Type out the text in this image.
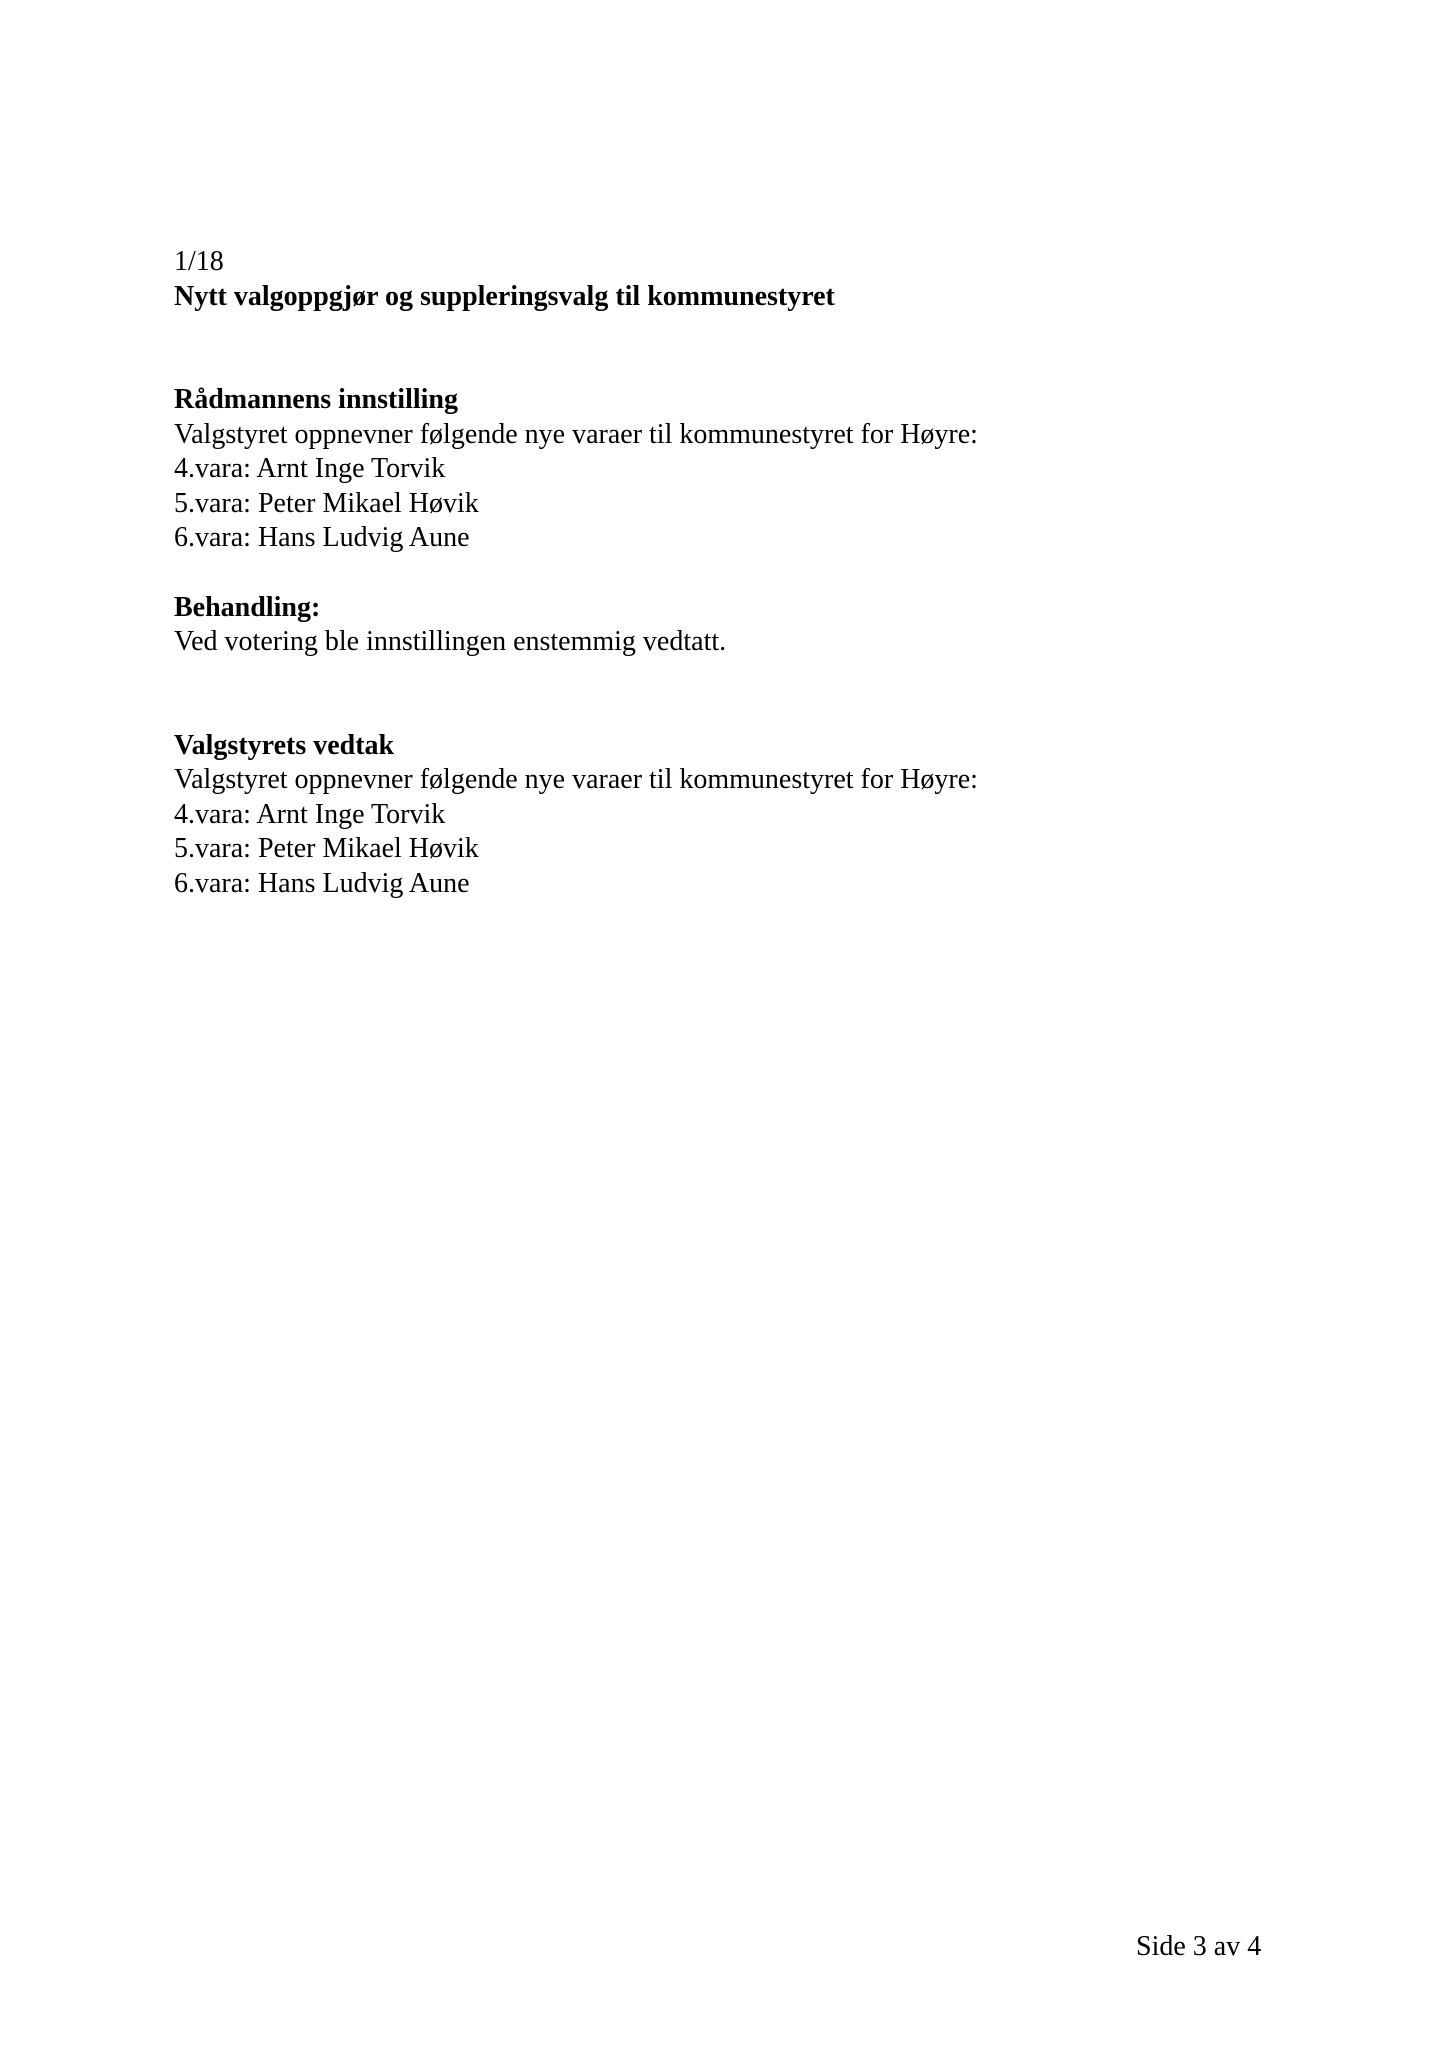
1/18
Nytt valgoppgjør og suppleringsvalg til kommunestyret
Rådmannens innstilling
Valgstyret oppnevner følgende nye varaer til kommunestyret for Høyre:
4.vara: Arnt Inge Torvik
5.vara: Peter Mikael Høvik
6.vara: Hans Ludvig Aune
Behandling:
Ved votering ble innstillingen enstemmig vedtatt.
Valgstyrets vedtak
Valgstyret oppnevner følgende nye varaer til kommunestyret for Høyre:
4.vara: Arnt Inge Torvik
5.vara: Peter Mikael Høvik
6.vara: Hans Ludvig Aune
Side 3 av 4
